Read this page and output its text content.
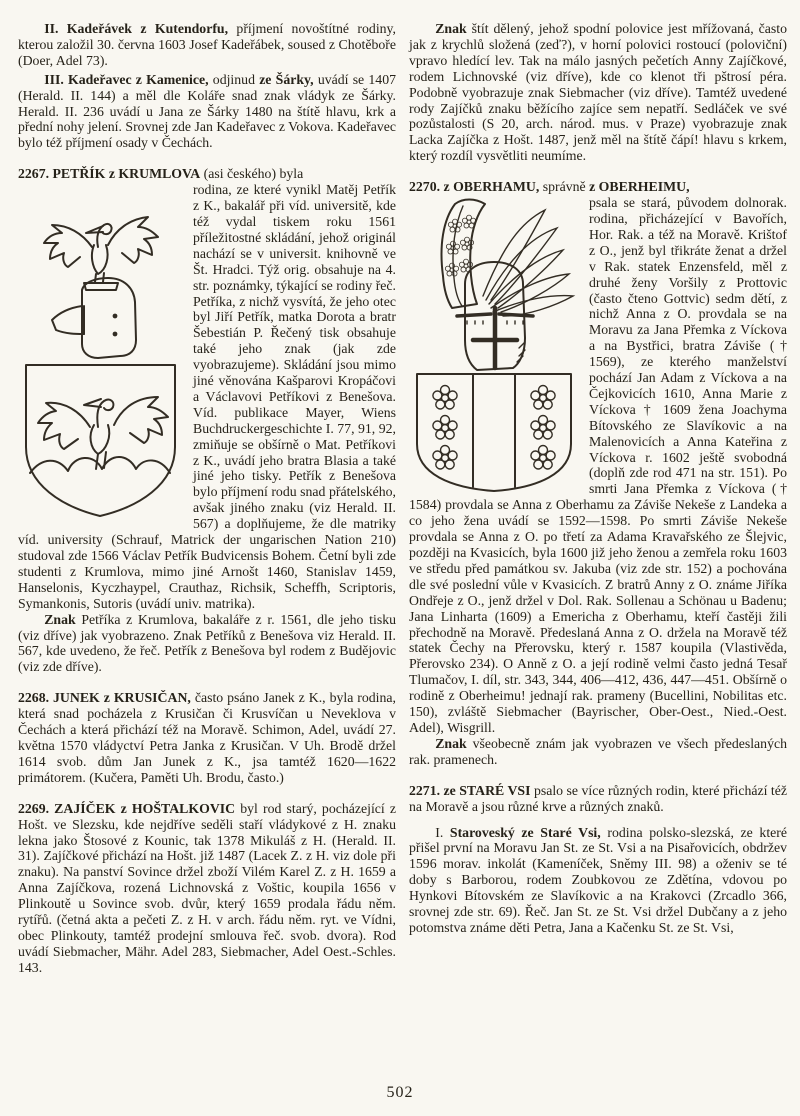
II. Kadeřávek z Kutendorfu, příjmení novoštítné rodiny, kterou založil 30. června 1603 Josef Kadeřábek, soused z Chotěboře (Doer, Adel 73).

III. Kadeřavec z Kamenice, odjinud ze Šárky, uvádí se 1407 (Herald. II. 144) a měl dle Koláře snad znak vládyk ze Šárky. Herald. II. 236 uvádí u Jana ze Šárky 1480 na štítě hlavu, krk a přední nohy jelení. Srovnej zde Jan Kadeřavec z Vokova. Kadeřavec bylo též příjmení osady v Čechách.

2267. PETŘÍK z KRUMLOVA (asi českého) byla

rodina, ze které vynikl Matěj Petřík z K., bakalář při víd. universitě, kde též vydal tiskem roku 1561 příležitostné skládání, jehož originál nachází se v universit. knihovně ve Št. Hradci. Týž orig. obsahuje na 4. str. poznámky, týkající se rodiny řeč. Petříka, z nichž vysvítá, že jeho otec byl Jiří Petřík, matka Dorota a bratr Šebestián P. Řečený tisk obsahuje také jeho znak (jak zde vyobrazujeme). Skládání jsou mimo jiné věnována Kašparovi Kropáčovi a Václavovi Petříkovi z Benešova. Víd. publikace Mayer, Wiens Buchdruckergeschichte I. 77, 91, 92, zmiňuje se obšírně o Mat. Petříkovi z K., uvádí jeho bratra Blasia a také jiné jeho tisky. Petřík z Benešova bylo příjmení rodu snad přátelského, avšak jiného znaku (viz Herald. II. 567) a doplňujeme, že dle matriky víd. university (Schrauf, Matrick der ungarischen Nation 210) studoval zde 1566 Václav Petřík Budvicensis Bohem. Četní byli zde studenti z Krumlova, mimo jiné Arnošt 1460, Stanislav 1459, Hanselonis, Kyczhaypel, Crauthaz, Richsik, Scheffh, Scriptoris, Symankonis, Sutoris (uvádí univ. matrika).

Znak Petříka z Krumlova, bakaláře z r. 1561, dle jeho tisku (viz dříve) jak vyobrazeno. Znak Petříků z Benešova viz Herald. II. 567, kde uvedeno, že řeč. Petřík z Benešova byl rodem z Budějovic (viz zde dříve).

2268. JUNEK z KRUSIČAN, často psáno Janek z K., byla rodina, která snad pocházela z Krusičan či Krusvíčan u Neveklova v Čechách a která přichází též na Moravě. Schimon, Adel, uvádí 27. května 1570 vládyctví Petra Janka z Krusičan. V Uh. Brodě držel 1614 svob. dům Jan Junek z K., jsa tamtéž 1620—1622 primátorem. (Kučera, Paměti Uh. Brodu, často.)

2269. ZAJÍČEK z HOŠTALKOVIC byl rod starý, pocházející z Hošt. ve Slezsku, kde nejdříve seděli staří vládykové z H. znaku lekna jako Štosové z Kounic, tak 1378 Mikuláš z H. (Herald. II. 31). Zajíčkové přichází na Hošt. již 1487 (Lacek Z. z H. viz dole při znaku). Na panství Sovince držel zboží Vilém Karel Z. z H. 1659 a Anna Zajíčkova, rozená Lichnovská z Voštic, koupila 1656 v Plinkoutě u Sovince svob. dvůr, který 1659 prodala řádu něm. rytířů. (četná akta a pečeti Z. z H. v arch. řádu něm. ryt. ve Vídni, obec Plinkouty, tamtéž prodejní smlouva řeč. svob. dvora). Rod uvádí Siebmacher, Mähr. Adel 283, Siebmacher, Adel Oest.-Schles. 143.

Znak štít dělený, jehož spodní polovice jest mřížovaná, často jak z krychlů složená (zeď?), v horní polovici rostoucí (poloviční) vpravo hledící lev. Tak na málo jasných pečetích Anny Zajíčkové, rodem Lichnovské (viz dříve), kde co klenot tři pštrosí péra. Podobně vyobrazuje znak Siebmacher (viz dříve). Tamtéž uvedené rody Zajíčků znaku běžícího zajíce sem nepatří. Sedláček ve své pozůstalosti (S 20, arch. národ. mus. v Praze) vyobrazuje znak Lacka Zajíčka z Hošt. 1487, jenž měl na štítě čápí! hlavu s krkem, který rozdíl vysvětliti neumíme.

2270. z OBERHAMU, správně z OBERHEIMU,

psala se stará, původem dolnorak. rodina, přicházející v Bavořích, Hor. Rak. a též na Moravě. Krištof z O., jenž byl třikráte ženat a držel v Rak. statek Enzensfeld, měl z druhé ženy Voršily z Prottovic (často čteno Gottvic) sedm dětí, z nichž Anna z O. provdala se na Moravu za Jana Přemka z Víckova a na Bystřici, bratra Záviše († 1569), ze kterého manželství pochází Jan Adam z Víckova a na Čejkovicích 1610, Anna Marie z Víckova † 1609 žena Joachyma Bítovského ze Slavíkovic a na Malenovicích a Anna Kateřina z Víckova r. 1602 ještě svobodná (doplň zde rod 471 na str. 151). Po smrti Jana Přemka z Víckova († 1584) provdala se Anna z Oberhamu za Záviše Nekeše z Landeka a co jeho žena uvádí se 1592—1598. Po smrti Záviše Nekeše provdala se Anna z O. po třetí za Adama Kravařského ze Šlejvic, později na Kvasicích, byla 1600 již jeho ženou a zemřela roku 1603 ve středu před památkou sv. Jakuba (viz zde str. 152) a pochována dle své poslední vůle v Kvasicích. Z bratrů Anny z O. známe Jiříka Ondřeje z O., jenž držel v Dol. Rak. Sollenau a Schönau u Badenu; Jana Linharta (1609) a Emericha z Oberhamu, kteří častěji žili přechodně na Moravě. Předeslaná Anna z O. držela na Moravě též statek Čechy na Přerovsku, který r. 1587 koupila (Vlastivěda, Přerovsko 234). O Anně z O. a její rodině velmi často jedná Tesař Tlumačov, I. díl, str. 343, 344, 406—412, 436, 447—451. Obšírně o rodině z Oberheimu! jednají rak. prameny (Bucellini, Nobilitas etc. 150), zvláště Siebmacher (Bayrischer, Ober-Oest., Nied.-Oest. Adel), Wisgrill.

Znak všeobecně znám jak vyobrazen ve všech předeslaných rak. pramenech.

2271. ze STARÉ VSI psalo se více různých rodin, které přichází též na Moravě a jsou různé krve a různých znaků.

I. Staroveský ze Staré Vsi, rodina polsko-slezská, ze které přišel první na Moravu Jan St. ze St. Vsi a na Pisařovicích, obdržev 1596 morav. inkolát (Kameníček, Sněmy III. 98) a oženiv se té doby s Barborou, rodem Zoubkovou ze Zdětína, vdovou po Hynkovi Bítovském ze Slavíkovic a na Krakovci (Zrcadlo 366, srovnej zde str. 69). Řeč. Jan St. ze St. Vsi držel Dubčany a z jeho potomstva známe děti Petra, Jana a Kačenku St. ze St. Vsi,

502
